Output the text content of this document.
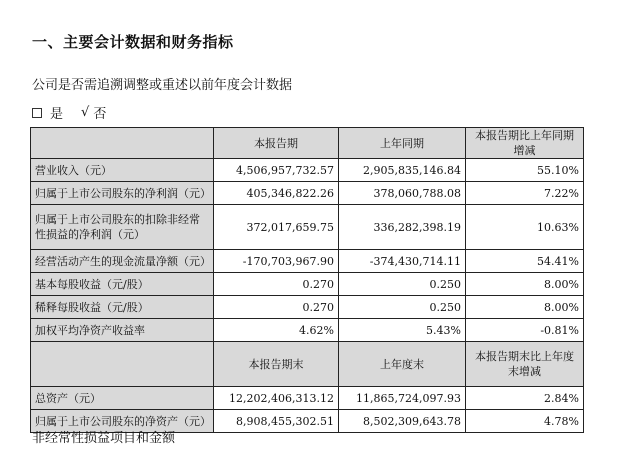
一、主要会计数据和财务指标
公司是否需追溯调整或重述以前年度会计数据
是 √ 否
	本报告期	上年同期	本报告期比上年同期增减
营业收入（元）	4,506,957,732.57	2,905,835,146.84	55.10%
归属于上市公司股东的净利润（元）	405,346,822.26	378,060,788.08	7.22%
归属于上市公司股东的扣除非经常性损益的净利润（元）	372,017,659.75	336,282,398.19	10.63%
经营活动产生的现金流量净额（元）	-170,703,967.90	-374,430,714.11	54.41%
基本每股收益（元/股）	0.270	0.250	8.00%
稀释每股收益（元/股）	0.270	0.250	8.00%
加权平均净资产收益率	4.62%	5.43%	-0.81%
	本报告期末	上年度末	本报告期末比上年度末增减
总资产（元）	12,202,406,313.12	11,865,724,097.93	2.84%
归属于上市公司股东的净资产（元）	8,908,455,302.51	8,502,309,643.78	4.78%
非经常性损益项目和金额
